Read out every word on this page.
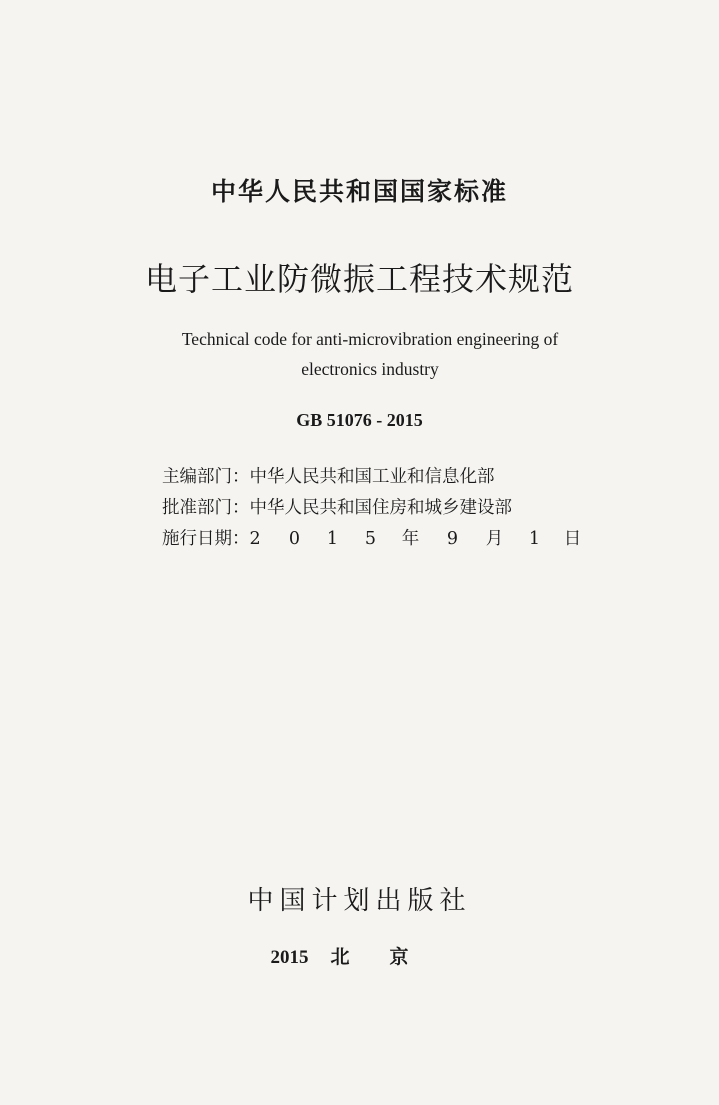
中华人民共和国国家标准
电子工业防微振工程技术规范
Technical code for anti-microvibration engineering of
electronics industry
GB 51076 - 2015
主编部门：中华人民共和国工业和信息化部
批准部门：中华人民共和国住房和城乡建设部
施行日期：2 0 1 5 年 9 月 1 日
中国计划出版社
2015 北京
